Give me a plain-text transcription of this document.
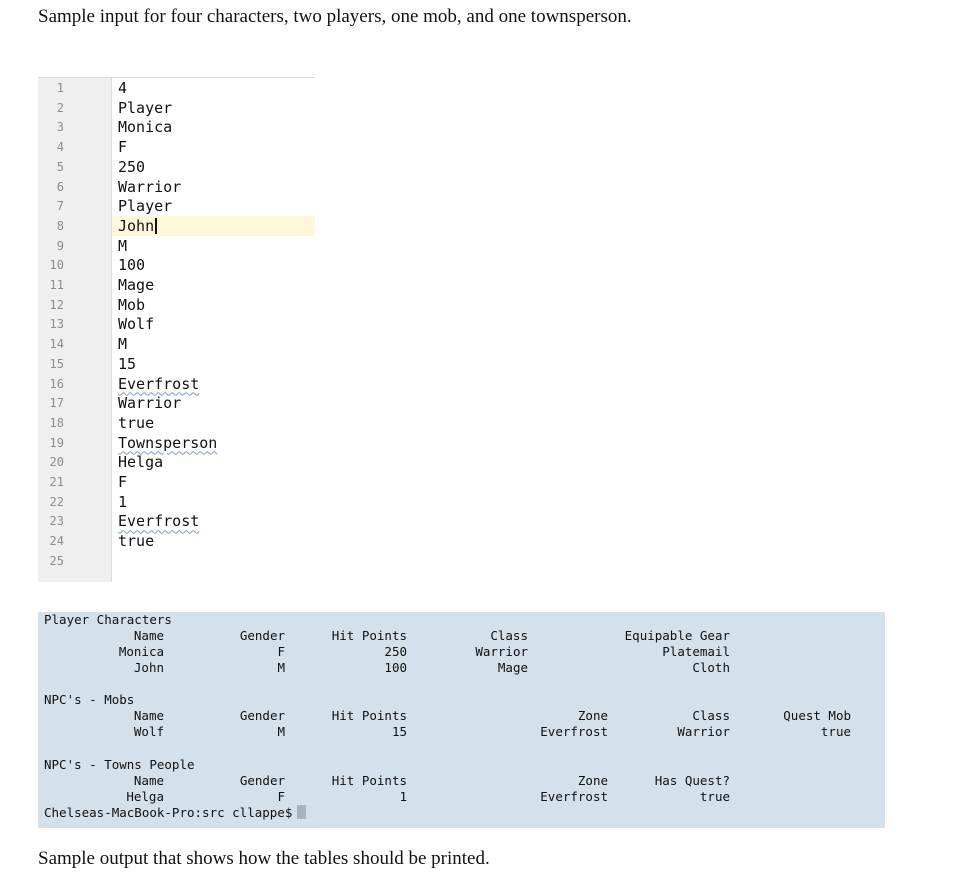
Sample input for four characters, two players, one mob, and one townsperson.
1	4
2	Player
3	Monica
4	F
5	250
6	Warrior
7	Player
8	John
9	M
10	100
11	Mage
12	Mob
13	Wolf
14	M
15	15
16	Everfrost
17	Warrior
18	true
19	Townsperson
20	Helga
21	F
22	1
23	Everfrost
24	true
25
Player Characters
Name	Gender	Hit Points	Class	Equipable Gear
Monica	F	250	Warrior	Platemail
John	M	100	Mage	Cloth
NPC's - Mobs
Name	Gender	Hit Points	Zone	Class	Quest Mob
Wolf	M	15	Everfrost	Warrior	true
NPC's - Towns People
Name	Gender	Hit Points	Zone	Has Quest?
Helga	F	1	Everfrost	true
Chelseas-MacBook-Pro:src cllappe$
Sample output that shows how the tables should be printed.
